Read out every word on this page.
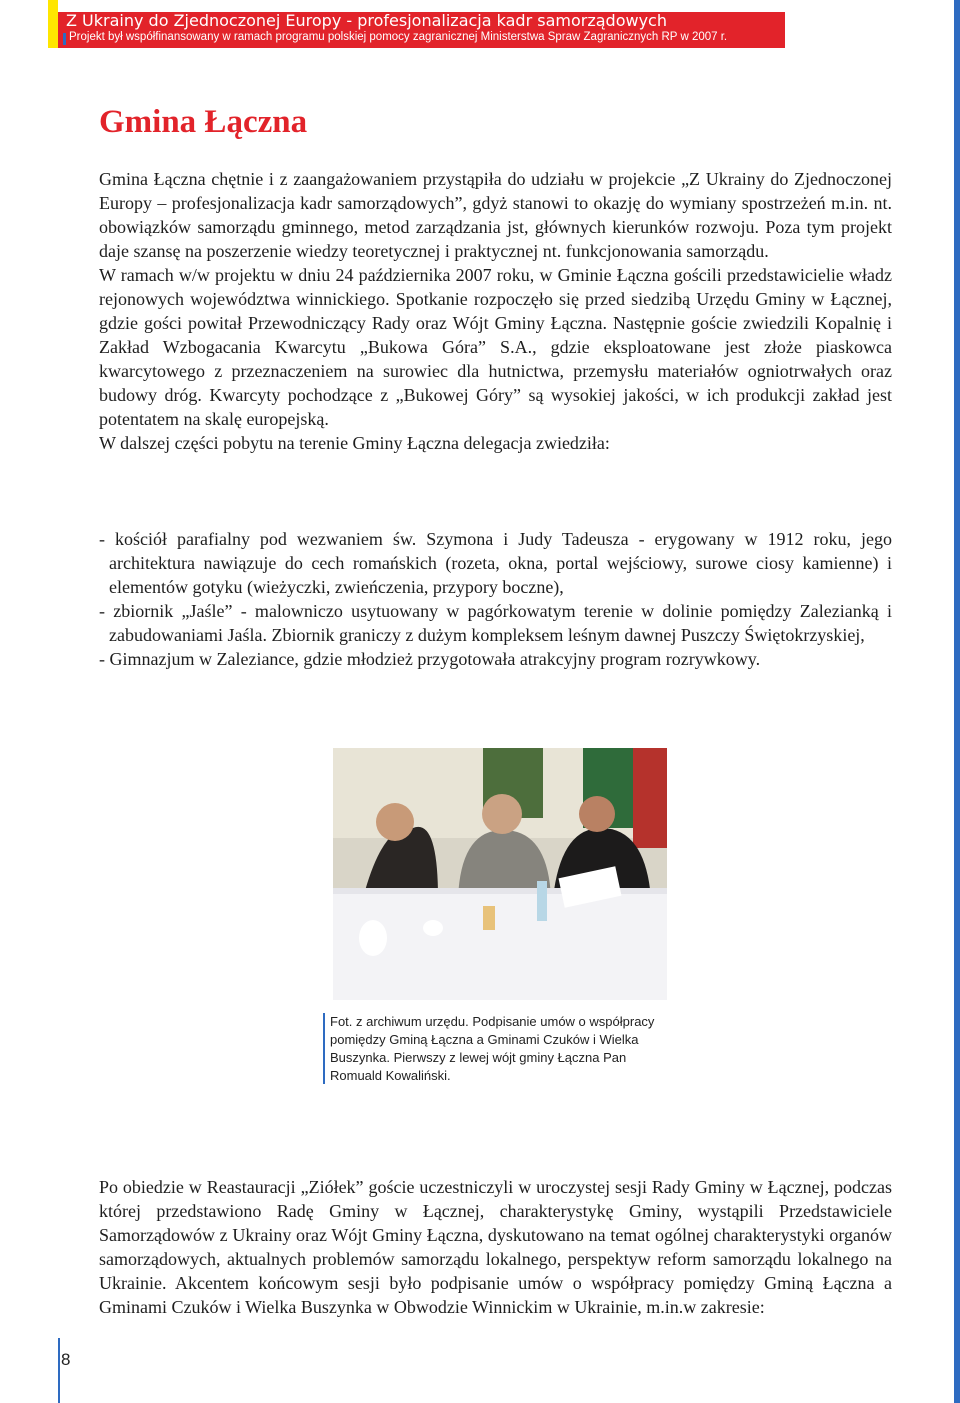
Z Ukrainy do Zjednoczonej Europy - profesjonalizacja kadr samorządowych
Projekt był współfinansowany w ramach programu polskiej pomocy zagranicznej Ministerstwa Spraw Zagranicznych RP w 2007 r.
Gmina Łączna

Gmina Łączna chętnie i z zaangażowaniem przystąpiła do udziału w projekcie „Z Ukrainy do Zjednoczonej Europy – profesjonalizacja kadr samorządowych”, gdyż stanowi to okazję do wymiany spostrzeżeń m.in. nt. obowiązków samorządu gminnego, metod zarządzania jst, głównych kierunków rozwoju. Poza tym projekt daje szansę na poszerzenie wiedzy teoretycznej i praktycznej nt. funkcjonowania samorządu.

W ramach w/w projektu w dniu 24 października 2007 roku, w Gminie Łączna gościli przedstawicielie władz rejonowych województwa winnickiego. Spotkanie rozpoczęło się przed siedzibą Urzędu Gminy w Łącznej, gdzie gości powitał Przewodniczący Rady oraz Wójt Gminy Łączna. Następnie goście zwiedzili Kopalnię i Zakład Wzbogacania Kwarcytu „Bukowa Góra” S.A., gdzie eksploatowane jest złoże piaskowca kwarcytowego z przeznaczeniem na surowiec dla hutnictwa, przemysłu materiałów ogniotrwałych oraz budowy dróg. Kwarcyty pochodzące z „Bukowej Góry” są wysokiej jakości, w ich produkcji zakład jest potentatem na skalę europejską.

W dalszej części pobytu na terenie Gminy Łączna delegacja zwiedziła:

- kościół parafialny pod wezwaniem św. Szymona i Judy Tadeusza - erygowany w 1912 roku, jego architektura nawiązuje do cech romańskich (rozeta, okna, portal wejściowy, surowe ciosy kamienne) i elementów gotyku (wieżyczki, zwieńczenia, przypory boczne),
- zbiornik „Jaśle” - malowniczo usytuowany w pagórkowatym terenie w dolinie pomiędzy Zalezianką i zabudowaniami Jaśla. Zbiornik graniczy z dużym kompleksem leśnym dawnej Puszczy Świętokrzyskiej,
- Gimnazjum w Zaleziance, gdzie młodzież przygotowała atrakcyjny program rozrywkowy.
Fot. z archiwum urzędu. Podpisanie umów o współpracy pomiędzy Gminą Łączna a Gminami Czuków i Wielka Buszynka. Pierwszy z lewej wójt gminy Łączna Pan Romuald Kowaliński.

Po obiedzie w Reastauracji „Ziółek” goście uczestniczyli w uroczystej sesji Rady Gminy w Łącznej, podczas której przedstawiono Radę Gminy w Łącznej, charakterystykę Gminy, wystąpili Przedstawiciele Samorządowów z Ukrainy oraz Wójt Gminy Łączna, dyskutowano na temat ogólnej charakterystyki organów samorządowych, aktualnych problemów samorządu lokalnego, perspektyw reform samorządu lokalnego na Ukrainie. Akcentem końcowym sesji było podpisanie umów o współpracy pomiędzy Gminą Łączna a Gminami Czuków i Wielka Buszynka w Obwodzie Winnickim w Ukrainie, m.in.w zakresie:

8
